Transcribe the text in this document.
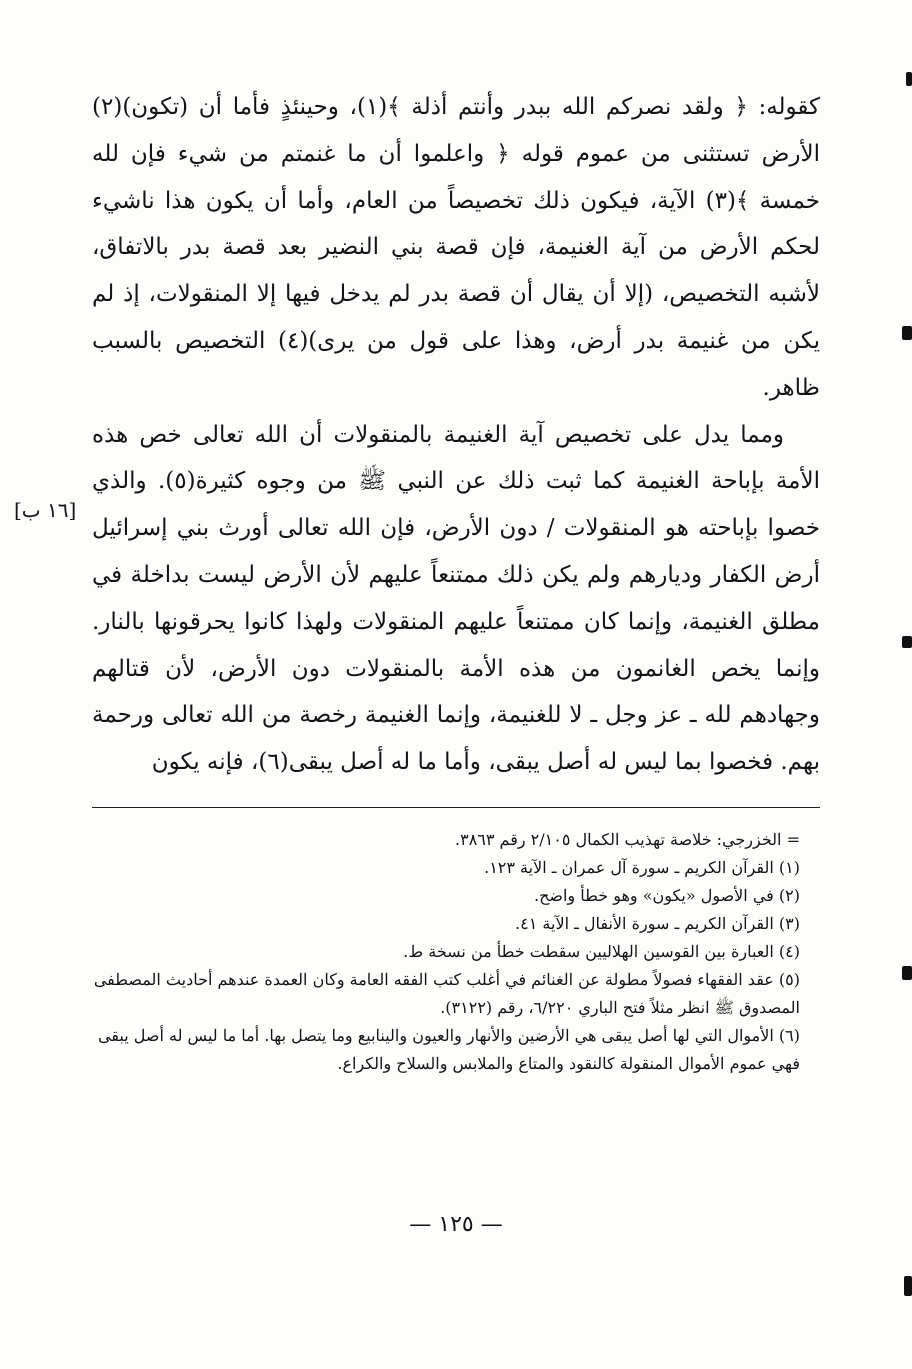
كقوله: ﴿ ولقد نصركم الله ببدر وأنتم أذلة ﴾(١)، وحينئذٍ فأما أن (تكون)(٢) الأرض تستثنى من عموم قوله ﴿ واعلموا أن ما غنمتم من شيء فإن لله خمسة ﴾(٣) الآية، فيكون ذلك تخصيصاً من العام، وأما أن يكون هذا ناشيء لحكم الأرض من آية الغنيمة، فإن قصة بني النضير بعد قصة بدر بالاتفاق، لأشبه التخصيص، (إلا أن يقال أن قصة بدر لم يدخل فيها إلا المنقولات، إذ لم يكن من غنيمة بدر أرض، وهذا على قول من يرى)(٤) التخصيص بالسبب ظاهر.

ومما يدل على تخصيص آية الغنيمة بالمنقولات أن الله تعالى خص هذه الأمة بإباحة الغنيمة كما ثبت ذلك عن النبي ﷺ من وجوه كثيرة(٥). والذي خصوا بإباحته هو المنقولات / دون الأرض، فإن الله تعالى أورث بني إسرائيل أرض الكفار وديارهم ولم يكن ذلك ممتنعاً عليهم لأن الأرض ليست بداخلة في مطلق الغنيمة، وإنما كان ممتنعاً عليهم المنقولات ولهذا كانوا يحرقونها بالنار. وإنما يخص الغانمون من هذه الأمة بالمنقولات دون الأرض، لأن قتالهم وجهادهم لله ـ عز وجل ـ لا للغنيمة، وإنما الغنيمة رخصة من الله تعالى ورحمة بهم. فخصوا بما ليس له أصل يبقى، وأما ما له أصل يبقى(٦)، فإنه يكون

[١٦ ب]

= الخزرجي: خلاصة تهذيب الكمال ٢/١٠٥ رقم ٣٨٦٣.

(١) القرآن الكريم ـ سورة آل عمران ـ الآية ١٢٣.

(٢) في الأصول «يكون» وهو خطأ واضح.

(٣) القرآن الكريم ـ سورة الأنفال ـ الآية ٤١.

(٤) العبارة بين القوسين الهلاليين سقطت خطأ من نسخة ط.

(٥) عقد الفقهاء فصولاً مطولة عن الغنائم في أغلب كتب الفقه العامة وكان العمدة عندهم أحاديث المصطفى المصدوق ﷺ انظر مثلاً فتح الباري ٦/٢٢٠، رقم (٣١٢٢).

(٦) الأموال التي لها أصل يبقى هي الأرضين والأنهار والعيون والينابيع وما يتصل بها. أما ما ليس له أصل يبقى فهي عموم الأموال المنقولة كالنقود والمتاع والملابس والسلاح والكراع.

— ١٢٥ —
